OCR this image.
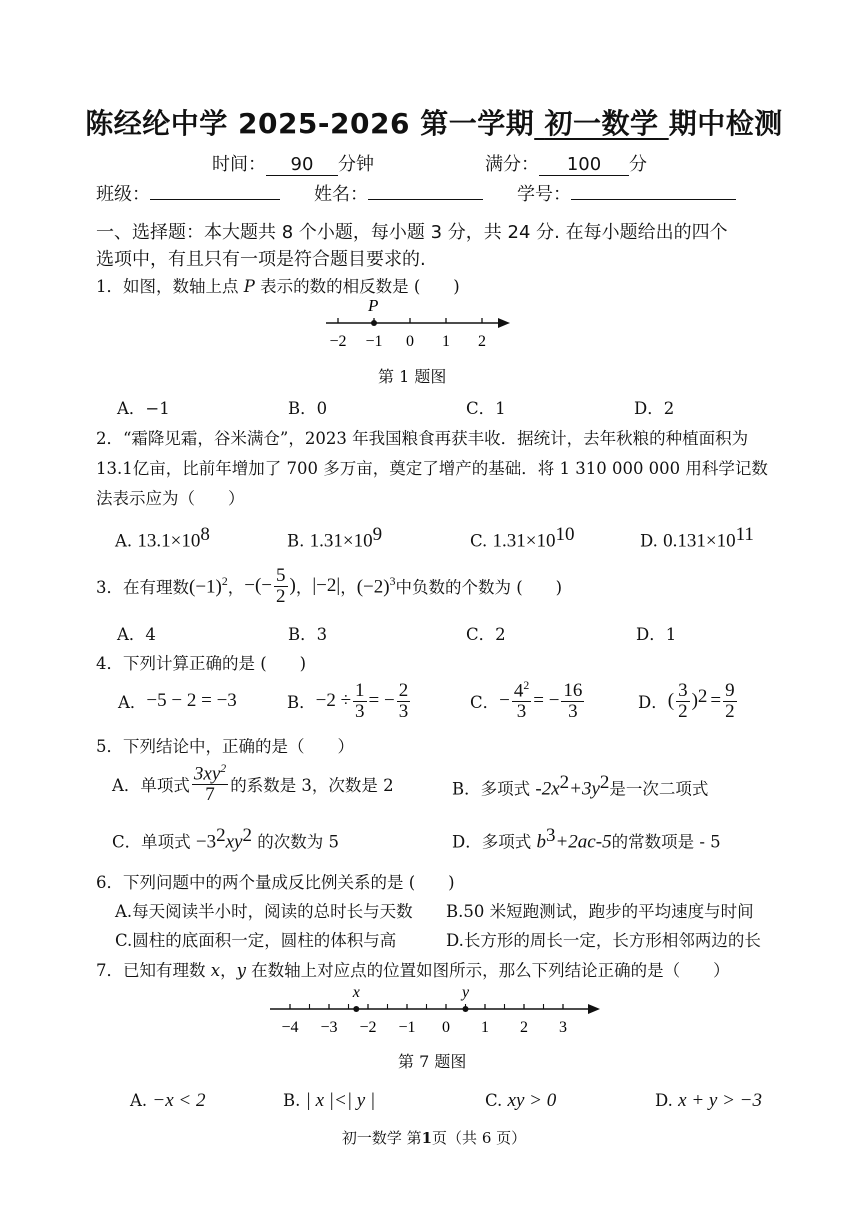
陈经纶中学 2025-2026 第一学期 初一数学 期中检测
时间： 90 分钟	满分： 100 分
班级：	姓名：	学号：
一、选择题：本大题共 8 个小题，每小题 3 分，共 24 分. 在每小题给出的四个
选项中，有且只有一项是符合题目要求的.
1．如图，数轴上点 P 表示的数的相反数是 (　　)
−2 −1 0 1 2
P
第 1 题图
A．−1	B．0	C．1	D．2
2．“霜降见霜，谷米满仓”，2023 年我国粮食再获丰收．据统计，去年秋粮的种植面积为
13.1亿亩，比前年增加了 700 多万亩，奠定了增产的基础．将 1 310 000 000 用科学记数
法表示应为（　　）
A. $13.1\times 10^8$	B. $1.31\times 10^9$	C. $1.31\times 10^{10}$	D. $0.131\times 10^{11}$
3．在有理数 $(-1)^2$ ， −(− $\frac{5}{2}$ ) ， |−2| ， $(-2)^3$ 中负数的个数为 (　　)
A．4	B．3	C．2	D．1
4．下列计算正确的是 (　　)
A． −5 − 2 = −3	B． $-2 \div \frac{1}{3}$ = − $\frac{2}{3}$	C． − $\frac{4^2}{3}$ = − $\frac{16}{3}$	D． ( $\frac{3}{2}$ ) $2 = \frac{9}{2}$
5．下列结论中，正确的是（　　）
A．单项式 $\frac{3xy^2}{7}$ 的系数是 3，次数是 2	B．多项式 $-2x^2+3y^2$是一次二项式
C．单项式 $-3^2xy^2$ 的次数为 5	D．多项式 $b^3+2ac-5$的常数项是 - 5
6．下列问题中的两个量成反比例关系的是 (　　)
A.每天阅读半小时，阅读的总时长与天数 B.50 米短跑测试，跑步的平均速度与时间
C.圆柱的底面积一定，圆柱的体积与高	D.长方形的周长一定，长方形相邻两边的长
7．已知有理数 x，y 在数轴上对应点的位置如图所示，那么下列结论正确的是（　　）
−4 −3 −2 −1 0 1 2 3
x	y
第 7 题图
A. −x < 2	B. | x |<| y |	C. xy > 0	D. x + y > −3
初一数学 第1页（共 6 页）
